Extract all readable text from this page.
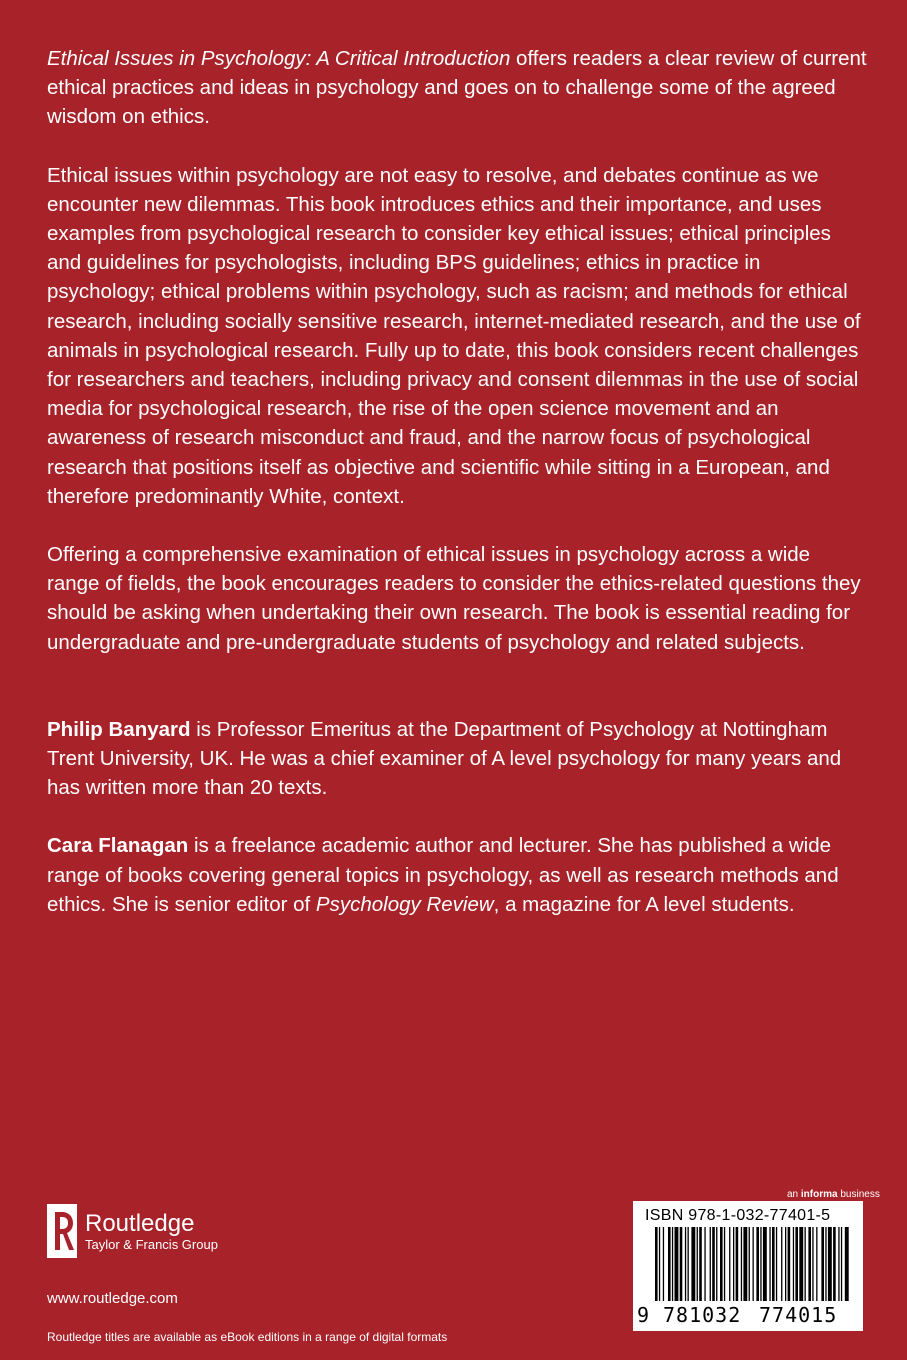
Ethical Issues in Psychology: A Critical Introduction offers readers a clear review of current ethical practices and ideas in psychology and goes on to challenge some of the agreed wisdom on ethics.

Ethical issues within psychology are not easy to resolve, and debates continue as we encounter new dilemmas. This book introduces ethics and their importance, and uses examples from psychological research to consider key ethical issues; ethical principles and guidelines for psychologists, including BPS guidelines; ethics in practice in psychology; ethical problems within psychology, such as racism; and methods for ethical research, including socially sensitive research, internet-mediated research, and the use of animals in psychological research. Fully up to date, this book considers recent challenges for researchers and teachers, including privacy and consent dilemmas in the use of social media for psychological research, the rise of the open science movement and an awareness of research misconduct and fraud, and the narrow focus of psychological research that positions itself as objective and scientific while sitting in a European, and therefore predominantly White, context.

Offering a comprehensive examination of ethical issues in psychology across a wide range of fields, the book encourages readers to consider the ethics-related questions they should be asking when undertaking their own research. The book is essential reading for undergraduate and pre-undergraduate students of psychology and related subjects.

Philip Banyard is Professor Emeritus at the Department of Psychology at Nottingham Trent University, UK. He was a chief examiner of A level psychology for many years and has written more than 20 texts.

Cara Flanagan is a freelance academic author and lecturer. She has published a wide range of books covering general topics in psychology, as well as research methods and ethics. She is senior editor of Psychology Review, a magazine for A level students.

Routledge
Taylor & Francis Group
www.routledge.com
Routledge titles are available as eBook editions in a range of digital formats
an informa business
ISBN 978-1-032-77401-5
9 781032 774015
